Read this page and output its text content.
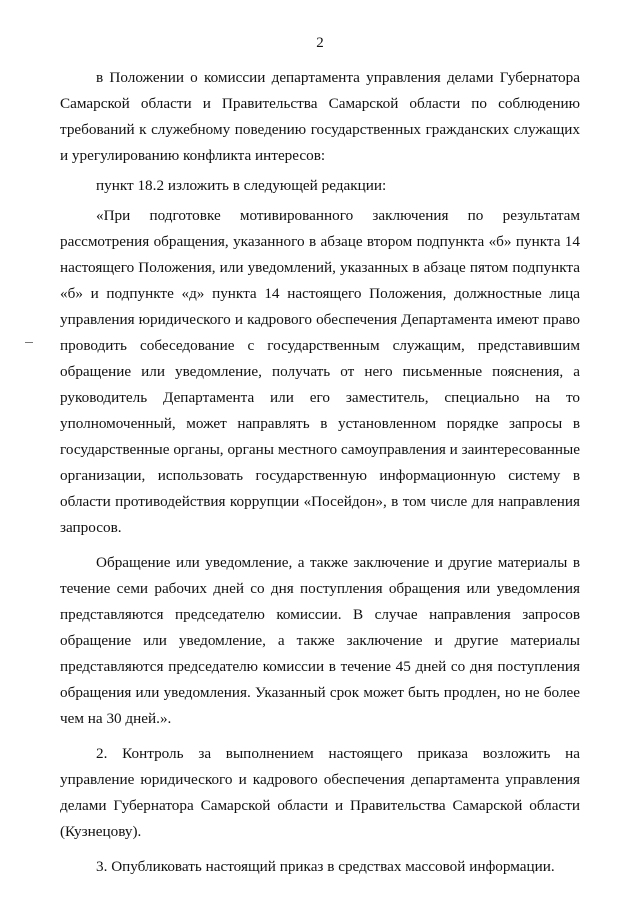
2

в Положении о комиссии департамента управления делами Губернатора Самарской области и Правительства Самарской области по соблюдению требований к служебному поведению государственных гражданских служащих и урегулированию конфликта интересов:

пункт 18.2 изложить в следующей редакции:

«При подготовке мотивированного заключения по результатам рассмотрения обращения, указанного в абзаце втором подпункта «б» пункта 14 настоящего Положения, или уведомлений, указанных в абзаце пятом подпункта «б» и подпункте «д» пункта 14 настоящего Положения, должностные лица управления юридического и кадрового обеспечения Департамента имеют право проводить собеседование с государственным служащим, представившим обращение или уведомление, получать от него письменные пояснения, а руководитель Департамента или его заместитель, специально на то уполномоченный, может направлять в установленном порядке запросы в государственные органы, органы местного самоуправления и заинтересованные организации, использовать государственную информационную систему в области противодействия коррупции «Посейдон», в том числе для направления запросов.

Обращение или уведомление, а также заключение и другие материалы в течение семи рабочих дней со дня поступления обращения или уведомления представляются председателю комиссии. В случае направления запросов обращение или уведомление, а также заключение и другие материалы представляются председателю комиссии в течение 45 дней со дня поступления обращения или уведомления. Указанный срок может быть продлен, но не более чем на 30 дней.».

2. Контроль за выполнением настоящего приказа возложить на управление юридического и кадрового обеспечения департамента управления делами Губернатора Самарской области и Правительства Самарской области (Кузнецову).

3. Опубликовать настоящий приказ в средствах массовой информации.
